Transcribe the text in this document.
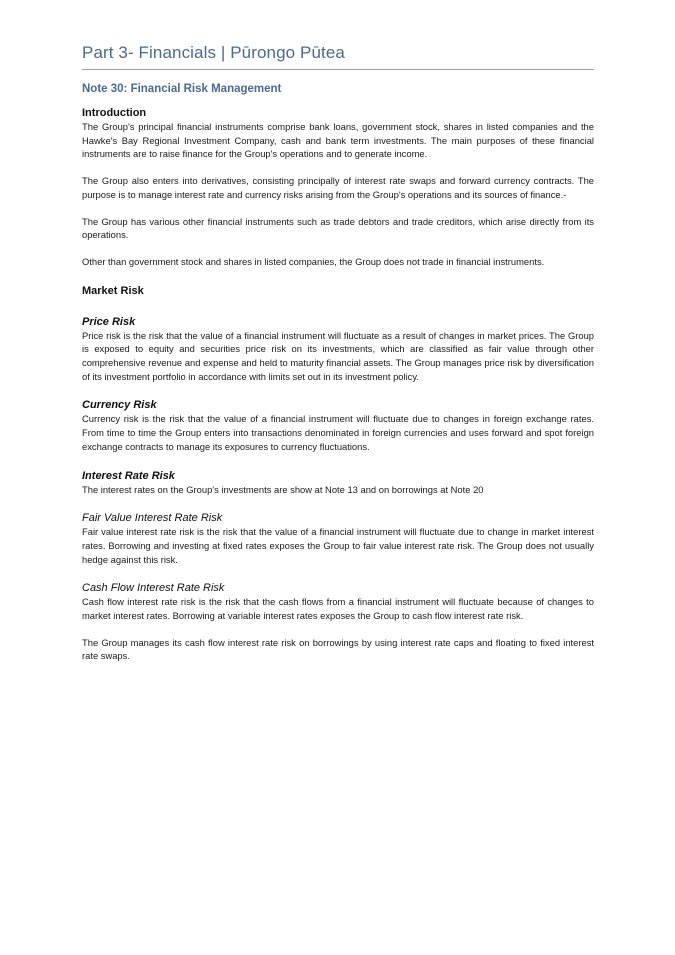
Part 3- Financials | Pūrongo Pūtea
Note 30: Financial Risk Management
Introduction

The Group's principal financial instruments comprise bank loans, government stock, shares in listed companies and the Hawke's Bay Regional Investment Company, cash and bank term investments. The main purposes of these financial instruments are to raise finance for the Group's operations and to generate income.

The Group also enters into derivatives, consisting principally of interest rate swaps and forward currency contracts. The purpose is to manage interest rate and currency risks arising from the Group's operations and its sources of finance.-

The Group has various other financial instruments such as trade debtors and trade creditors, which arise directly from its operations.

Other than government stock and shares in listed companies, the Group does not trade in financial instruments.

Market Risk
Price Risk

Price risk is the risk that the value of a financial instrument will fluctuate as a result of changes in market prices. The Group is exposed to equity and securities price risk on its investments, which are classified as fair value through other comprehensive revenue and expense and held to maturity financial assets. The Group manages price risk by diversification of its investment portfolio in accordance with limits set out in its investment policy.

Currency Risk

Currency risk is the risk that the value of a financial instrument will fluctuate due to changes in foreign exchange rates. From time to time the Group enters into transactions denominated in foreign currencies and uses forward and spot foreign exchange contracts to manage its exposures to currency fluctuations.

Interest Rate Risk

The interest rates on the Group's investments are show at Note 13 and on borrowings at Note 20

Fair Value Interest Rate Risk

Fair value interest rate risk is the risk that the value of a financial instrument will fluctuate due to change in market interest rates. Borrowing and investing at fixed rates exposes the Group to fair value interest rate risk. The Group does not usually hedge against this risk.

Cash Flow Interest Rate Risk

Cash flow interest rate risk is the risk that the cash flows from a financial instrument will fluctuate because of changes to market interest rates. Borrowing at variable interest rates exposes the Group to cash flow interest rate risk.

The Group manages its cash flow interest rate risk on borrowings by using interest rate caps and floating to fixed interest rate swaps.
